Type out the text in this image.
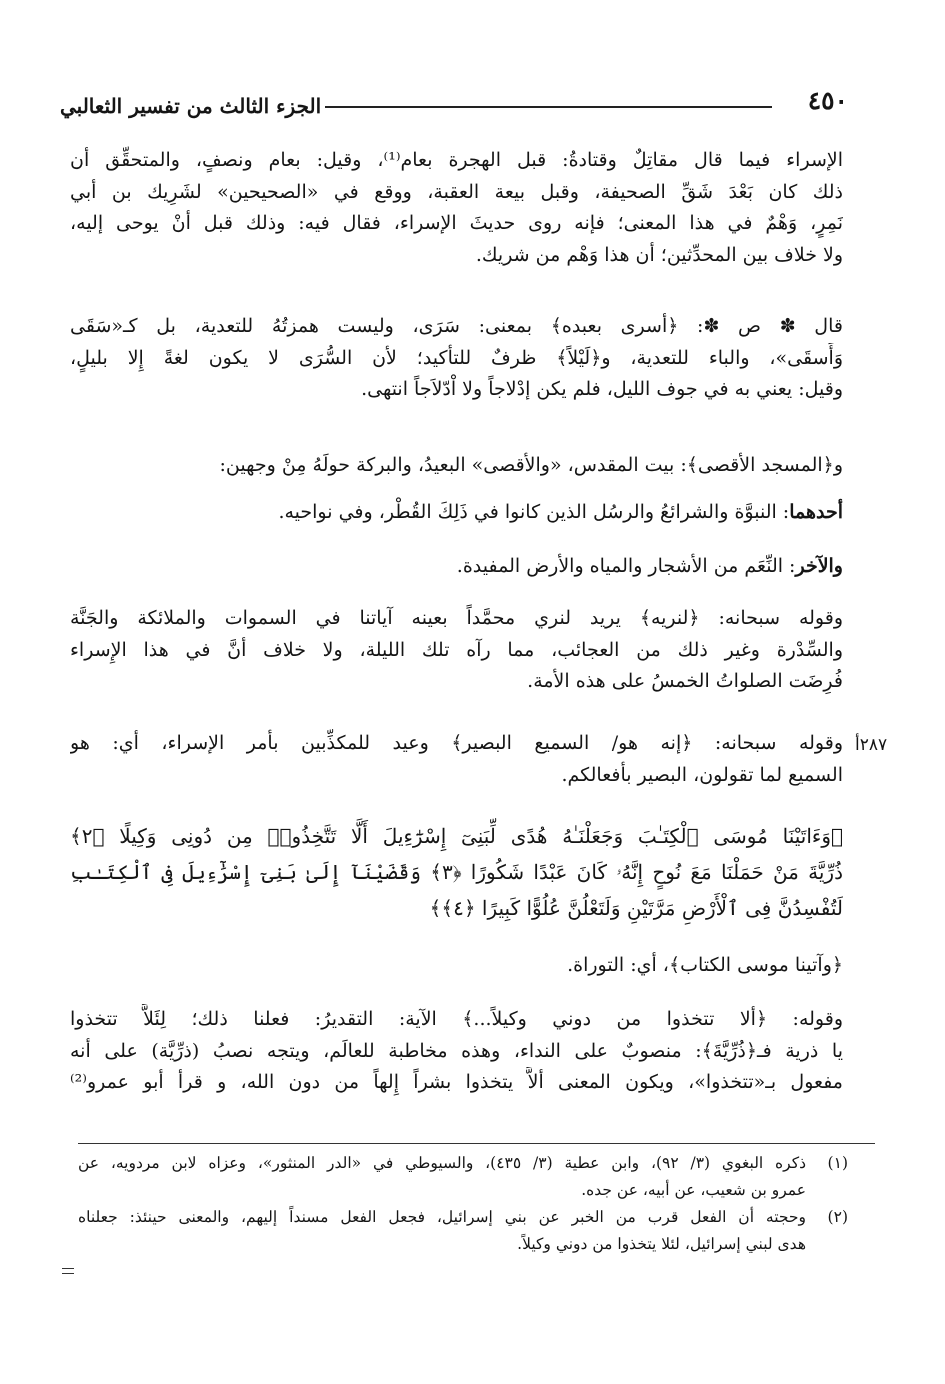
٤٥٠
الجزء الثالث من تفسير الثعالبي
الإسراء فيما قال مقاتِلٌ وقتادةُ: قبل الهجرة بعام⁽¹⁾، وقيل: بعام ونصفٍ، والمتحقِّق أن
ذلك كان بَعْدَ شَقِّ الصحيفة، وقبل بيعة العقبة، ووقع في «الصحيحين» لشَرِيك بن أبي
نَمِرٍ، وَهْمٌ في هذا المعنى؛ فإنه روى حديثَ الإسراء، فقال فيه: وذلك قبل أنْ يوحى إليه،
ولا خلاف بين المحدِّثين؛ أن هذا وَهْم من شريك.
قال ✽ ص ✽: ﴿أسرى بعبده﴾ بمعنى: سَرَى، وليست همزتُهُ للتعدية، بل كـ«سَقَى
وَأَسقَى»، والباء للتعدية، و﴿لَيْلاً﴾ ظرفٌ للتأكيد؛ لأن السُّرَى لا يكون لغةً إِلا بليلٍ،
وقيل: يعني به في جوف الليل، فلم يكن إدْلاجاً ولا اْدّلاَجاً انتهى.
و﴿المسجد الأقصى﴾: بيت المقدس، «والأقصى» البعيدُ، والبركة حولَهُ مِنْ وجهين:
أحدهما: النبوَّة والشرائعُ والرسُل الذين كانوا في ذَلِكَ القُطْر، وفي نواحيه.
والآخر: النِّعَم من الأشجار والمياه والأرض المفيدة.
وقوله سبحانه: ﴿لنريه﴾ يريد لنري محمَّداً بعينه آياتنا في السموات والملائكة والجَنَّة
والسِّدْرة وغير ذلك من العجائب، مما رآه تلك الليلة، ولا خلاف أنَّ في هذا الإِسراء
فُرِضَت الصلواتُ الخمسُ على هذه الأمة.
وقوله سبحانه: ﴿إنه هو/ السميع البصير﴾ وعيد للمكذِّبين بأمر الإسراء، أي: هو
السميع لما تقولون، البصير بأفعالكم.
٢٨٧أ
﴿وَءَاتَيْنَا مُوسَى ٱلْكِتَـٰبَ وَجَعَلْنَـٰهُ هُدًى لِّبَنِىٓ إِسْرَٰٓءِيلَ أَلَّا تَتَّخِذُوا۟ مِن دُونِى وَكِيلًا ﴿٢﴾
ذُرِّيَّةَ مَنْ حَمَلْنَا مَعَ نُوحٍ إِنَّهُۥ كَانَ عَبْدًا شَكُورًا ﴿٣﴾ وَقَضَيْنَآ إِلَىٰ بَنِىٓ إِسْرَٰٓءِيلَ فِى ٱلْكِتَـٰبِ
لَتُفْسِدُنَّ فِى ٱلْأَرْضِ مَرَّتَيْنِ وَلَتَعْلُنَّ عُلُوًّا كَبِيرًا ﴿٤﴾﴾
﴿وآتينا موسى الكتاب﴾، أي: التوراة.
وقوله: ﴿ألا تتخذوا من دوني وكيلاً...﴾ الآية: التقديرُ: فعلنا ذلك؛ لِئَلاَّ تتخذوا
يا ذرية فـ﴿ذُرِّيَّةَ﴾: منصوبٌ على النداء، وهذه مخاطبة للعالَم، ويتجه نصبُ (ذرِّيَّة) على أنه
مفعول بـ«تتخذوا»، ويكون المعنى ألاَّ يتخذوا بشراً إِلهاً من دون الله، و قرأ أبو عمرو⁽²⁾
(١)
ذكره البغوي (٣/ ٩٢)، وابن عطية (٣/ ٤٣٥)، والسيوطي في «الدر المنثور»، وعزاه لابن مردويه، عن
عمرو بن شعيب، عن أبيه، عن جده.
(٢)
وحجته أن الفعل قرب من الخبر عن بني إسرائيل، فجعل الفعل مسنداً إليهم، والمعنى حينئذ: جعلناه
هدى لبني إسرائيل، لئلا يتخذوا من دوني وكيلاً.
